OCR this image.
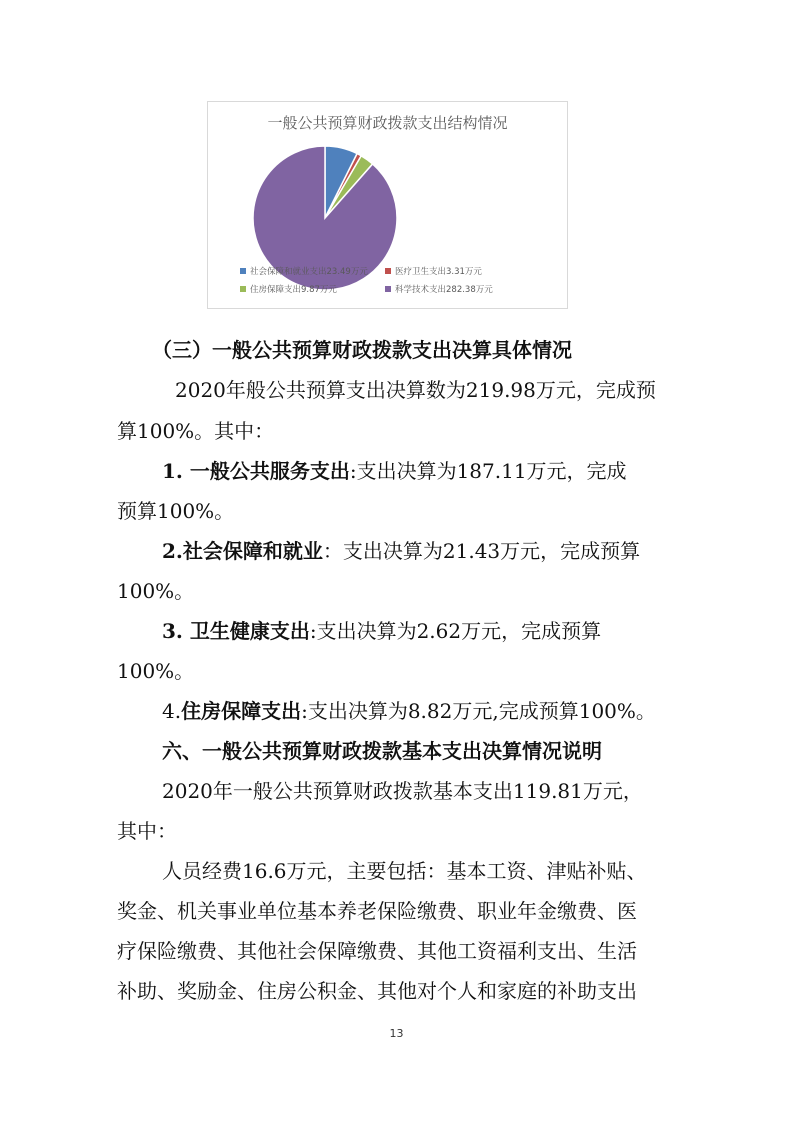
一般公共预算财政拨款支出结构情况
社会保障和就业支出23.49万元	医疗卫生支出3.31万元
住房保障支出9.87万元	科学技术支出282.38万元
（三）一般公共预算财政拨款支出决算具体情况
2020年般公共预算支出决算数为219.98万元，完成预
算100%。其中：
1. 一般公共服务支出:支出决算为187.11万元，完成
预算100%。
2.社会保障和就业：支出决算为21.43万元，完成预算
100%。
3. 卫生健康支出:支出决算为2.62万元，完成预算
100%。
4.住房保障支出:支出决算为8.82万元,完成预算100%。
六、一般公共预算财政拨款基本支出决算情况说明
2020年一般公共预算财政拨款基本支出119.81万元，
其中：
人员经费16.6万元，主要包括：基本工资、津贴补贴、
奖金、机关事业单位基本养老保险缴费、职业年金缴费、医
疗保险缴费、其他社会保障缴费、其他工资福利支出、生活
补助、奖励金、住房公积金、其他对个人和家庭的补助支出
13
